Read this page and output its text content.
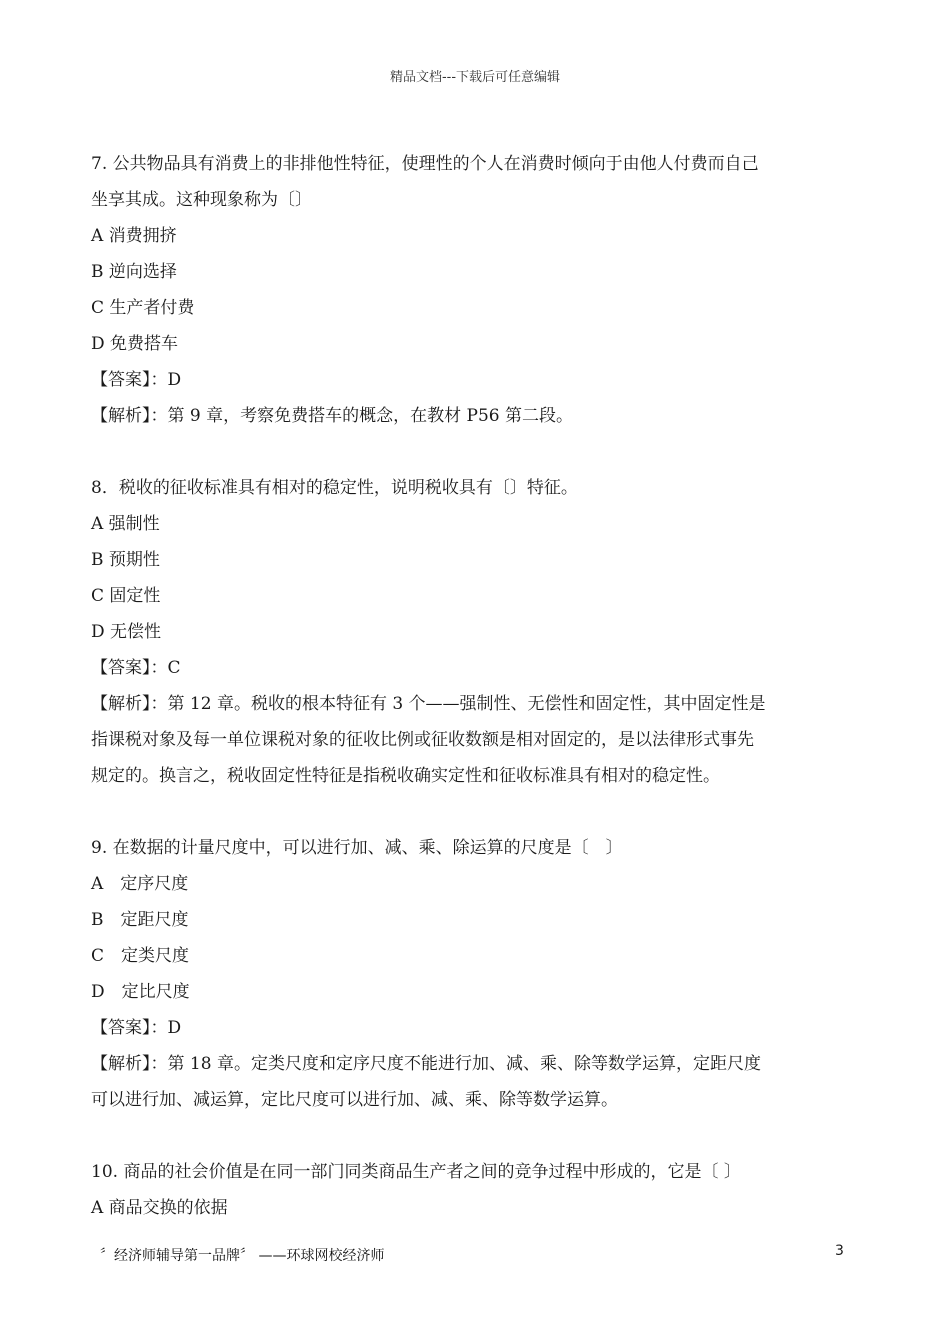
精品文档---下载后可任意编辑
7. 公共物品具有消费上的非排他性特征，使理性的个人在消费时倾向于由他人付费而自己
坐享其成。这种现象称为〔〕
A 消费拥挤
B 逆向选择
C 生产者付费
D 免费搭车
【答案】：D
【解析】：第 9 章，考察免费搭车的概念，在教材 P56 第二段。
8．税收的征收标准具有相对的稳定性，说明税收具有〔〕特征。
A 强制性
B 预期性
C 固定性
D 无偿性
【答案】：C
【解析】：第 12 章。税收的根本特征有 3 个——强制性、无偿性和固定性，其中固定性是
指课税对象及每一单位课税对象的征收比例或征收数额是相对固定的，是以法律形式事先
规定的。换言之，税收固定性特征是指税收确实定性和征收标准具有相对的稳定性。
9. 在数据的计量尺度中，可以进行加、减、乘、除运算的尺度是〔　〕
A　定序尺度
B　定距尺度
C　定类尺度
D　定比尺度
【答案】：D
【解析】：第 18 章。定类尺度和定序尺度不能进行加、减、乘、除等数学运算，定距尺度
可以进行加、减运算，定比尺度可以进行加、减、乘、除等数学运算。
10. 商品的社会价值是在同一部门同类商品生产者之间的竞争过程中形成的，它是〔 〕
A 商品交换的依据
〞经济师辅导第一品牌〞 ——环球网校经济师	3
